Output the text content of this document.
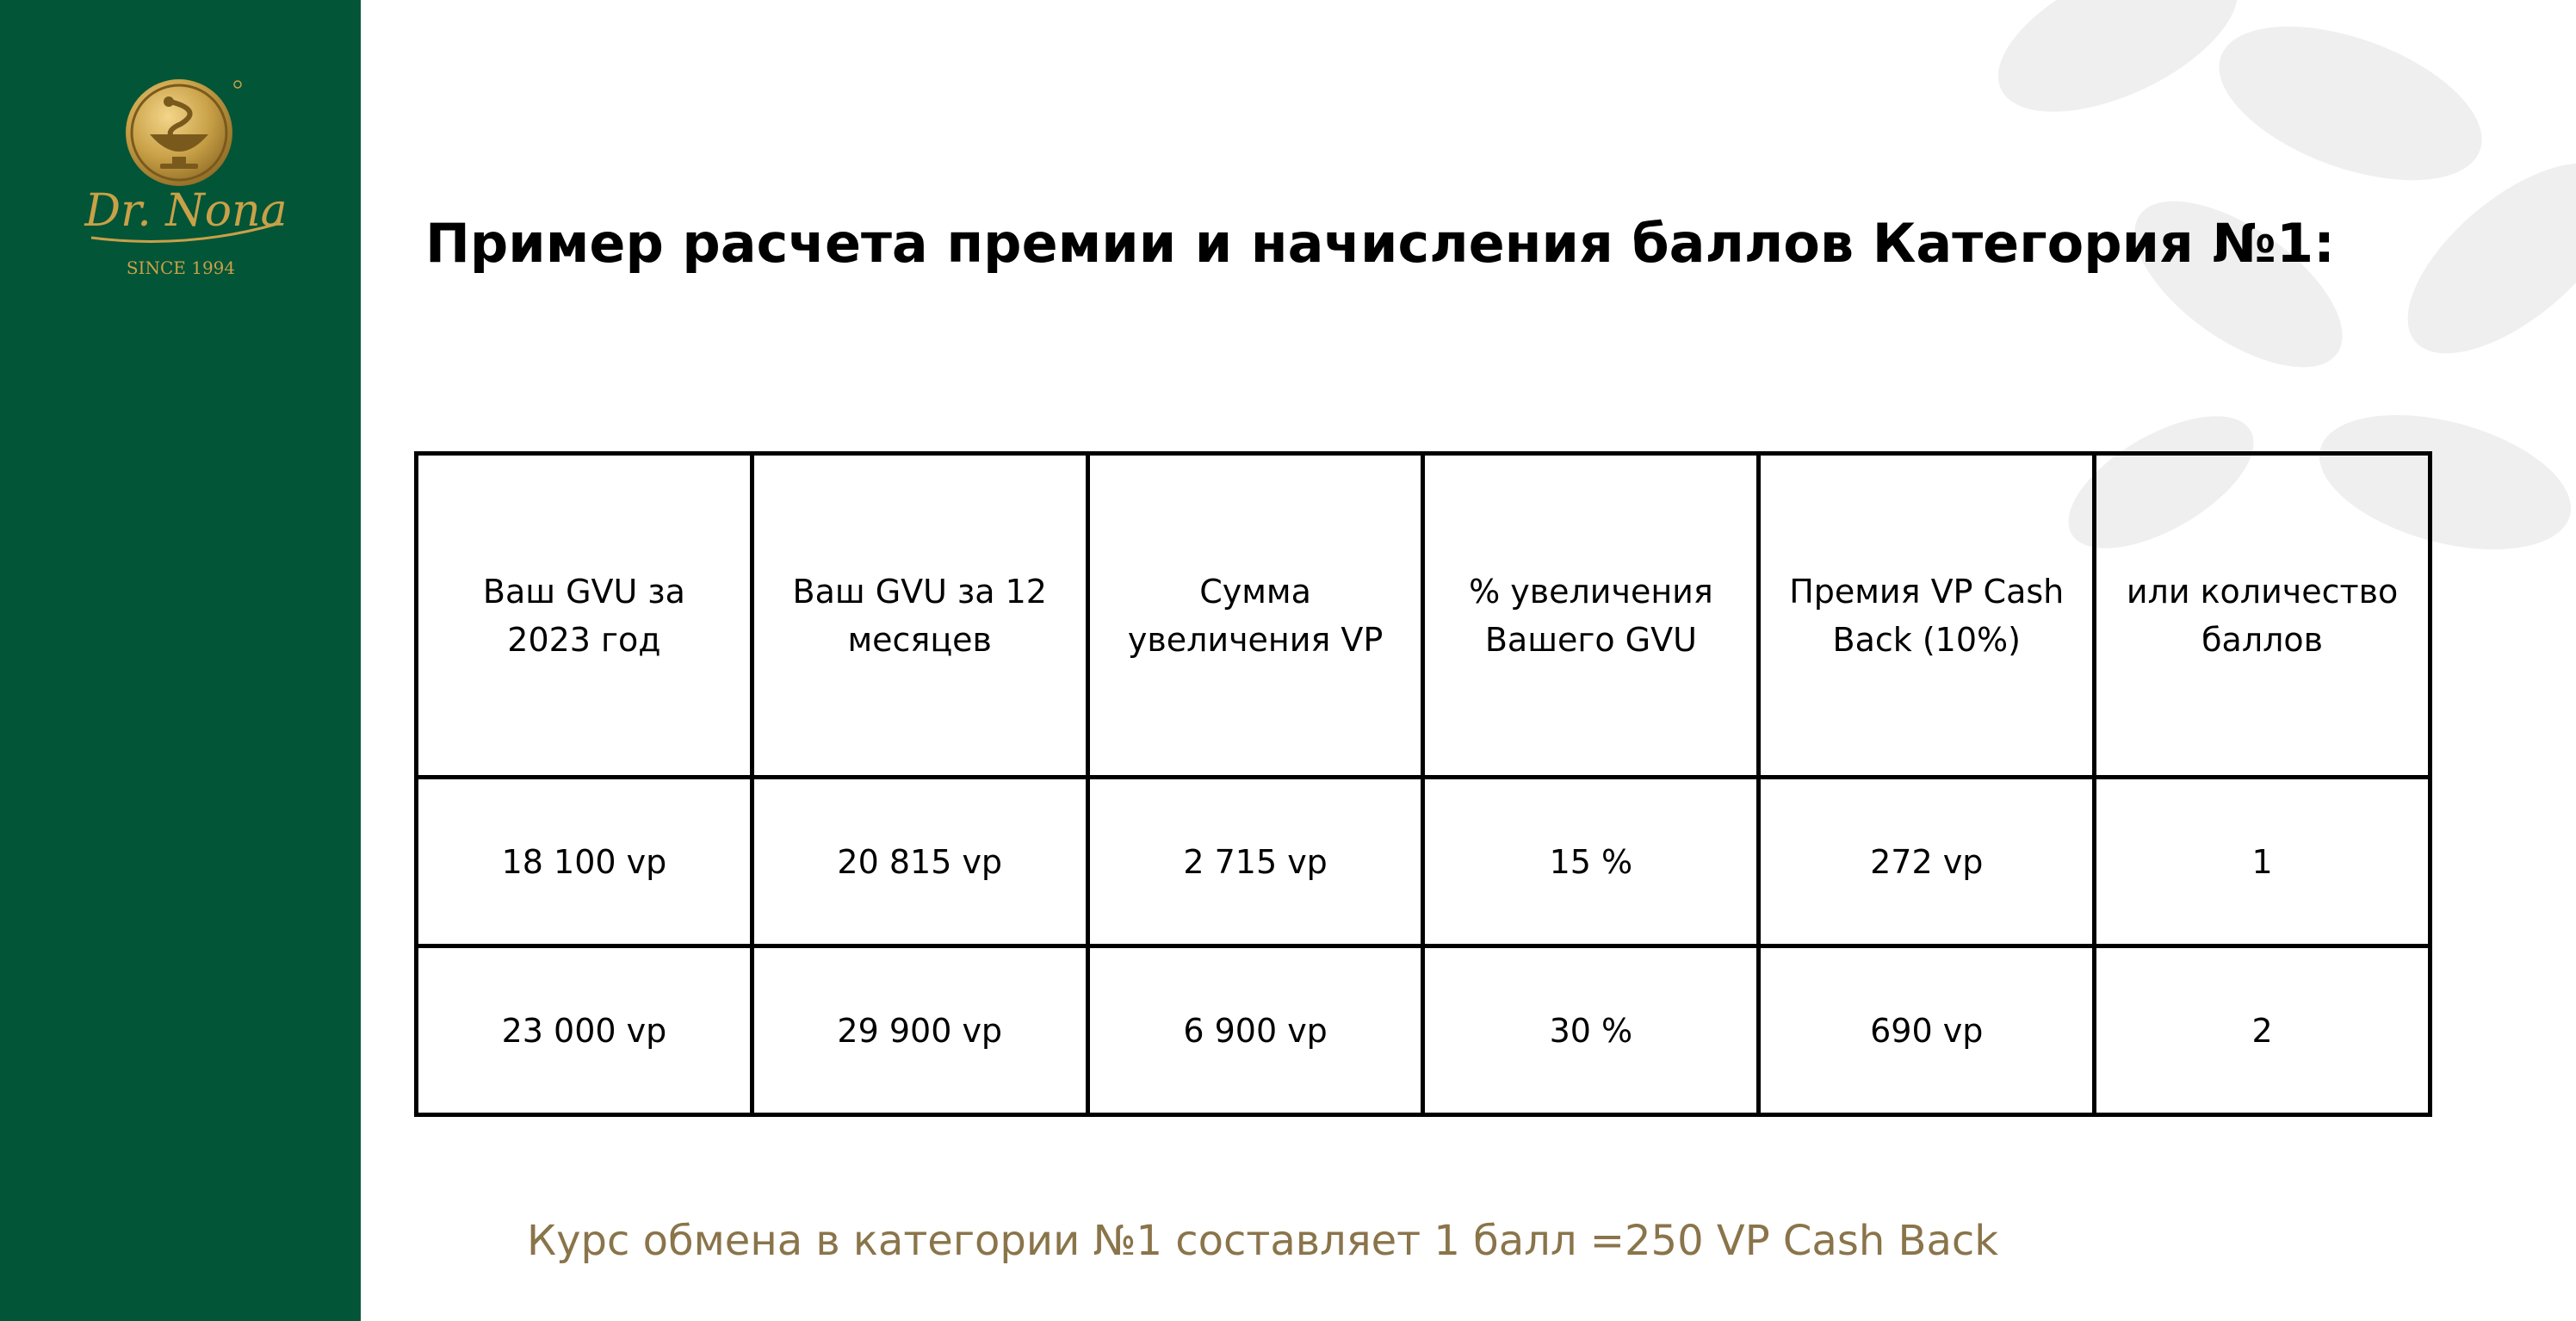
Dr. Nona
SINCE 1994	Пример расчета премии и начисления баллов Категория №1:
Ваш GVU за 2023 год	Ваш GVU за 12 месяцев	Сумма увеличения VP	% увеличения Вашего GVU	Премия VP Cash Back (10%)	или количество баллов
18 100 vp	20 815 vp	2 715 vp	15 %	272 vp	1
23 000 vp	29 900 vp	6 900 vp	30 %	690 vp	2

Курс обмена в категории №1 составляет 1 балл =250 VP Cash Back
